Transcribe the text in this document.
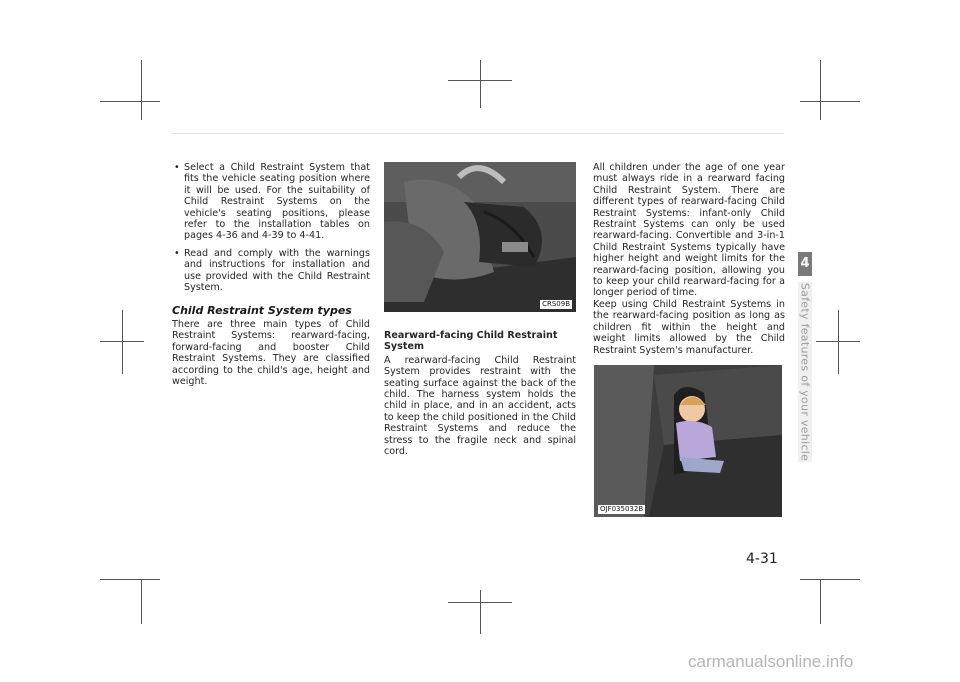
• Select a Child Restraint System that fits the vehicle seating position where it will be used. For the suitability of Child Restraint Systems on the vehicle's seating positions, please refer to the installation tables on pages 4-36 and 4-39 to 4-41.
• Read and comply with the warnings and instructions for installation and use provided with the Child Restraint System.
Child Restraint System types

There are three main types of Child Restraint Systems: rearward-facing, forward-facing and booster Child Restraint Systems. They are classified according to the child's age, height and weight.

CRS09B
Rearward-facing Child Restraint System

A rearward-facing Child Restraint System provides restraint with the seating surface against the back of the child. The harness system holds the child in place, and in an accident, acts to keep the child positioned in the Child Restraint Systems and reduce the stress to the fragile neck and spinal cord.

All children under the age of one year must always ride in a rearward facing Child Restraint System. There are different types of rearward-facing Child Restraint Systems: infant-only Child Restraint Systems can only be used rearward-facing. Convertible and 3-in-1 Child Restraint Systems typically have higher height and weight limits for the rearward-facing position, allowing you to keep your child rearward-facing for a longer period of time.

Keep using Child Restraint Systems in the rearward-facing position as long as children fit within the height and weight limits allowed by the Child Restraint System's manufacturer.

OJF035032B
4
Safety features of your vehicle
4-31
carmanualsonline.info
